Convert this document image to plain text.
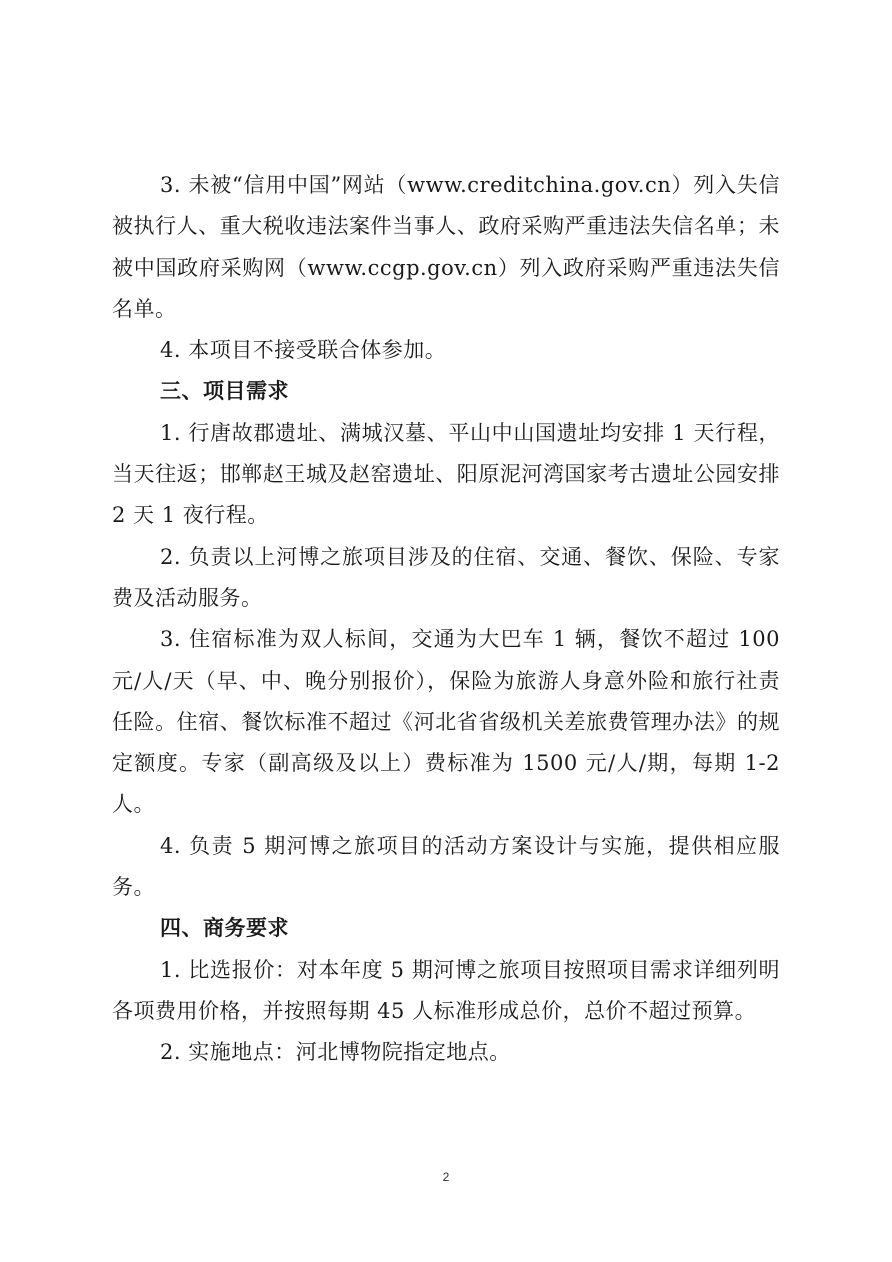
3. 未被“信用中国”网站（www.creditchina.gov.cn）列入失信被执行人、重大税收违法案件当事人、政府采购严重违法失信名单；未被中国政府采购网（www.ccgp.gov.cn）列入政府采购严重违法失信名单。

4. 本项目不接受联合体参加。

三、项目需求

1. 行唐故郡遗址、满城汉墓、平山中山国遗址均安排 1 天行程，当天往返；邯郸赵王城及赵窑遗址、阳原泥河湾国家考古遗址公园安排 2 天 1 夜行程。

2. 负责以上河博之旅项目涉及的住宿、交通、餐饮、保险、专家费及活动服务。

3. 住宿标准为双人标间，交通为大巴车 1 辆，餐饮不超过 100 元/人/天（早、中、晚分别报价），保险为旅游人身意外险和旅行社责任险。住宿、餐饮标准不超过《河北省省级机关差旅费管理办法》的规定额度。专家（副高级及以上）费标准为 1500 元/人/期，每期 1-2 人。

4. 负责 5 期河博之旅项目的活动方案设计与实施，提供相应服务。

四、商务要求

1. 比选报价：对本年度 5 期河博之旅项目按照项目需求详细列明各项费用价格，并按照每期 45 人标准形成总价，总价不超过预算。

2. 实施地点：河北博物院指定地点。

2
